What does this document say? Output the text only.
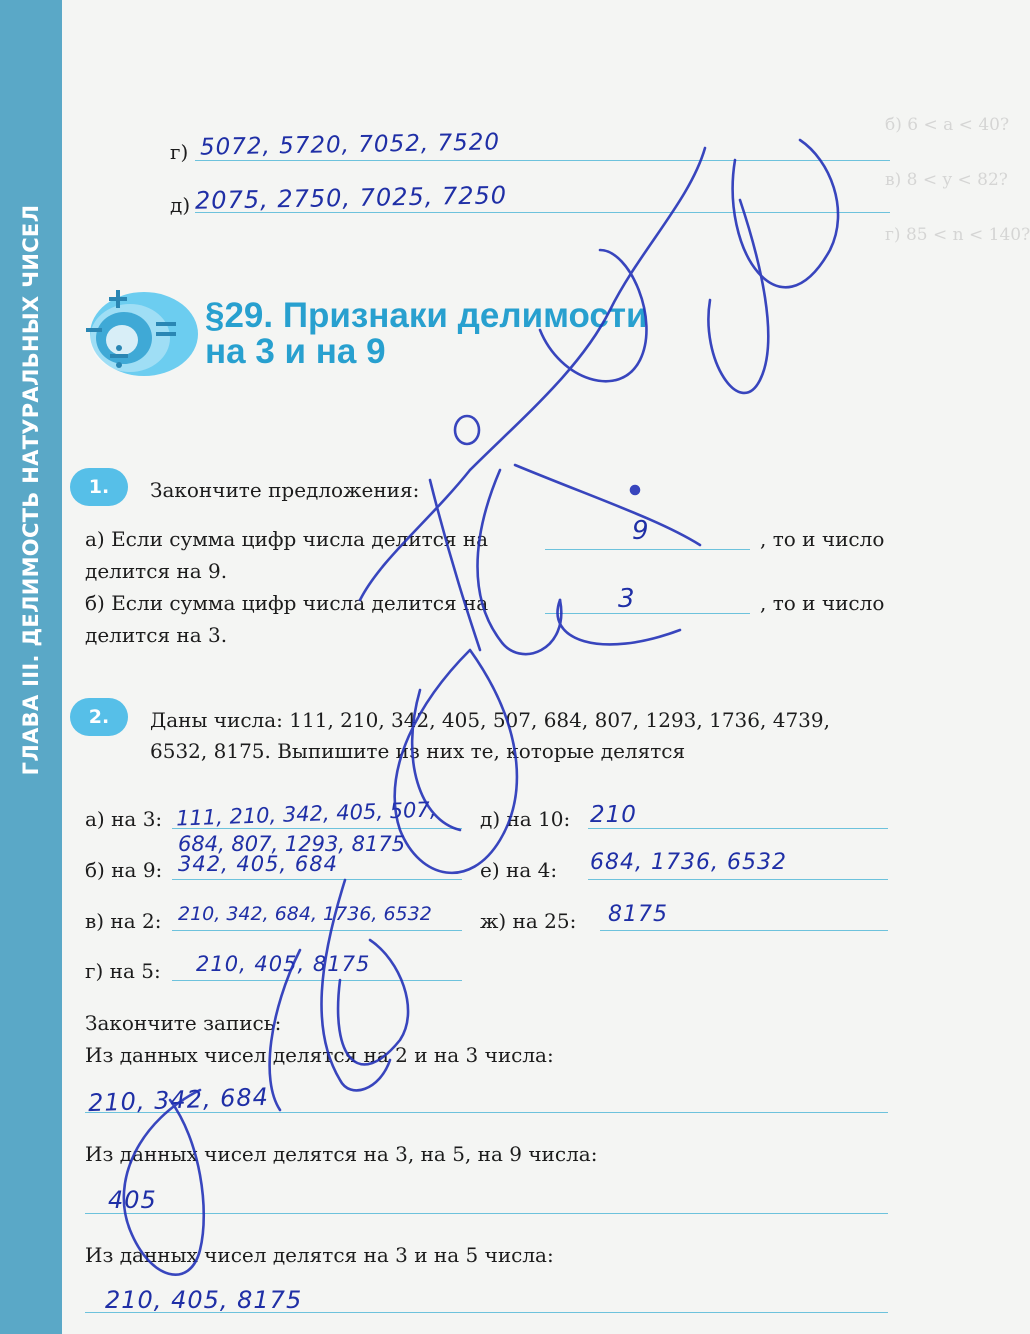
ГЛАВА III. ДЕЛИМОСТЬ НАТУРАЛЬНЫХ ЧИСЕЛ
б) 6 < a < 40?
в) 8 < y < 82?
г) 85 < n < 140?
г) 5072, 5720, 7052, 7520
д) 2075, 2750, 7025, 7250
§29. Признаки делимости
на 3 и на 9
1.	Закончите предложения:
а) Если сумма цифр числа делится на	9	, то и число
делится на 9.
б) Если сумма цифр числа делится на	3	, то и число
делится на 3.
2.	Даны числа: 111, 210, 342, 405, 507, 684, 807, 1293, 1736, 4739,
6532, 8175. Выпишите из них те, которые делятся
а) на 3: 111, 210, 342, 405, 507,
684, 807, 1293, 8175
д) на 10: 210
б) на 9: 342, 405, 684	е) на 4: 684, 1736, 6532
в) на 2: 210, 342, 684, 1736, 6532 ж) на 25: 8175
г) на 5: 210, 405, 8175
Закончите запись:
Из данных чисел делятся на 2 и на 3 числа:
210, 342, 684
Из данных чисел делятся на 3, на 5, на 9 числа:
405
Из данных чисел делятся на 3 и на 5 числа:
210, 405, 8175
